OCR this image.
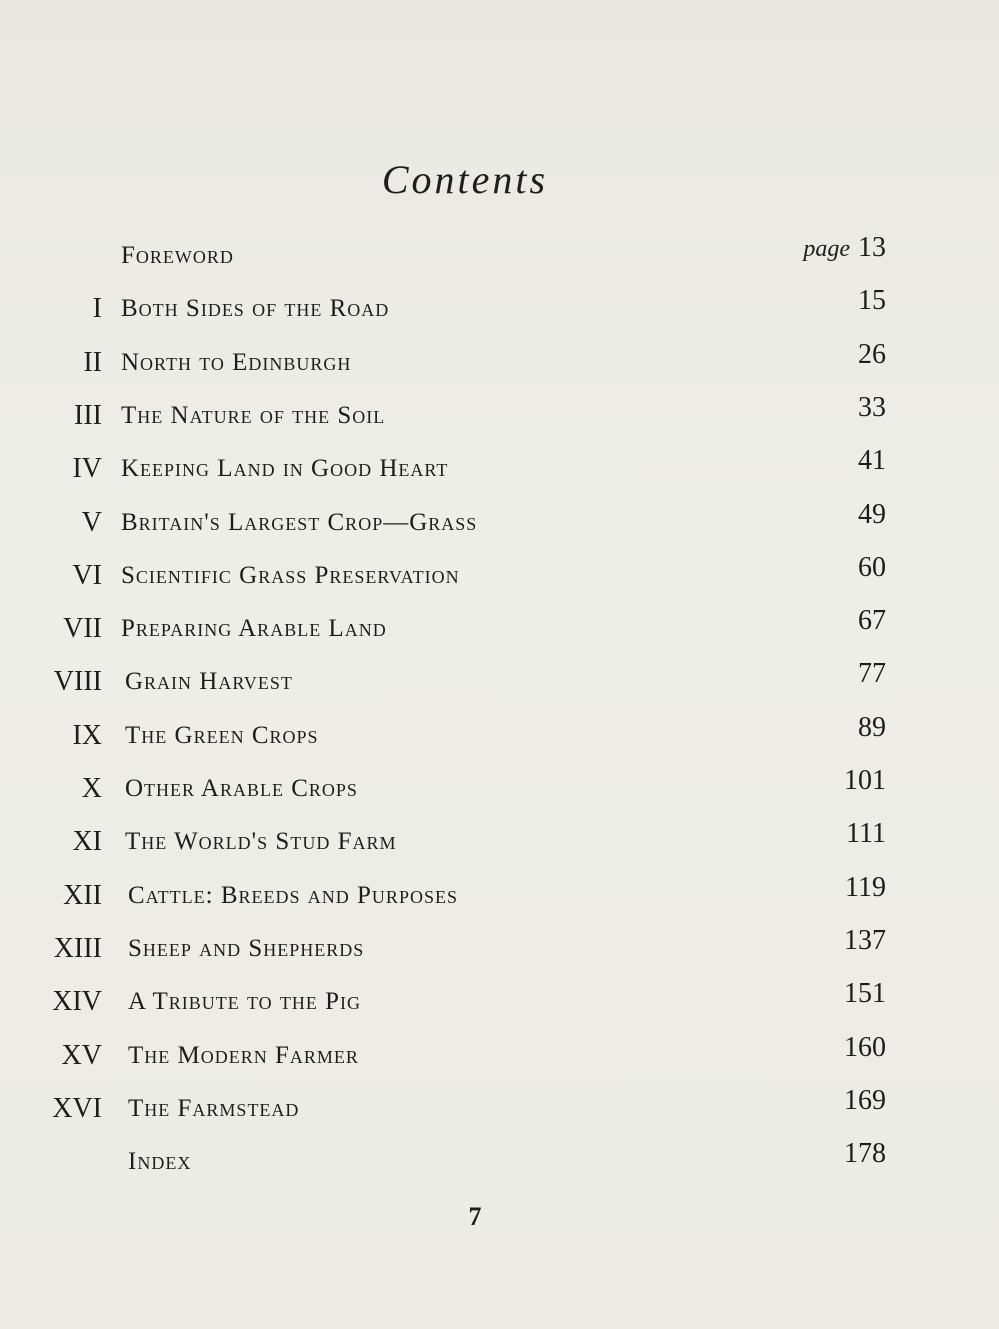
Contents
Foreword	page 13
I Both Sides of the Road	15
II North to Edinburgh	26
III The Nature of the Soil	33
IV Keeping Land in Good Heart	41
V Britain's Largest Crop—Grass	49
VI Scientific Grass Preservation	60
VII Preparing Arable Land	67
VIII Grain Harvest	77
IX The Green Crops	89
X Other Arable Crops	101
XI The World's Stud Farm	111
XII Cattle: Breeds and Purposes	119
XIII Sheep and Shepherds	137
XIV A Tribute to the Pig	151
XV The Modern Farmer	160
XVI The Farmstead	169
Index	178
7
